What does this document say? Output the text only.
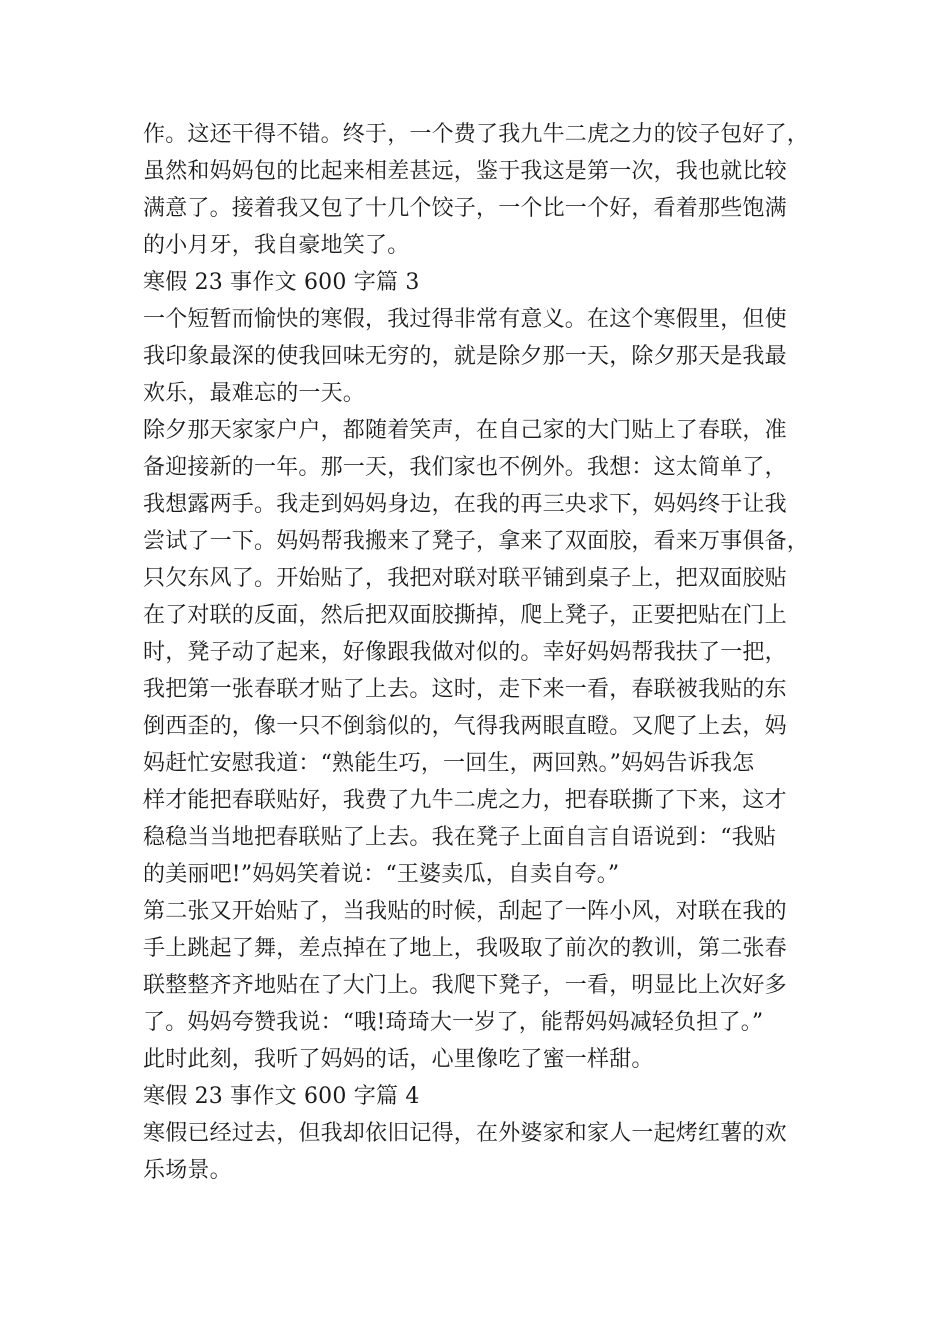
作。这还干得不错。终于，一个费了我九牛二虎之力的饺子包好了，
虽然和妈妈包的比起来相差甚远，鉴于我这是第一次，我也就比较
满意了。接着我又包了十几个饺子，一个比一个好，看着那些饱满
的小月牙，我自豪地笑了。
寒假 23 事作文 600 字篇 3
一个短暂而愉快的寒假，我过得非常有意义。在这个寒假里，但使
我印象最深的使我回味无穷的，就是除夕那一天，除夕那天是我最
欢乐，最难忘的一天。
除夕那天家家户户，都随着笑声，在自己家的大门贴上了春联，准
备迎接新的一年。那一天，我们家也不例外。我想：这太简单了，
我想露两手。我走到妈妈身边，在我的再三央求下，妈妈终于让我
尝试了一下。妈妈帮我搬来了凳子，拿来了双面胶，看来万事俱备，
只欠东风了。开始贴了，我把对联对联平铺到桌子上，把双面胶贴
在了对联的反面，然后把双面胶撕掉，爬上凳子，正要把贴在门上
时，凳子动了起来，好像跟我做对似的。幸好妈妈帮我扶了一把，
我把第一张春联才贴了上去。这时，走下来一看，春联被我贴的东
倒西歪的，像一只不倒翁似的，气得我两眼直瞪。又爬了上去，妈
妈赶忙安慰我道：“熟能生巧，一回生，两回熟。”妈妈告诉我怎
样才能把春联贴好，我费了九牛二虎之力，把春联撕了下来，这才
稳稳当当地把春联贴了上去。我在凳子上面自言自语说到：“我贴
的美丽吧!”妈妈笑着说：“王婆卖瓜，自卖自夸。”
第二张又开始贴了，当我贴的时候，刮起了一阵小风，对联在我的
手上跳起了舞，差点掉在了地上，我吸取了前次的教训，第二张春
联整整齐齐地贴在了大门上。我爬下凳子，一看，明显比上次好多
了。妈妈夸赞我说：“哦!琦琦大一岁了，能帮妈妈减轻负担了。”
此时此刻，我听了妈妈的话，心里像吃了蜜一样甜。
寒假 23 事作文 600 字篇 4
寒假已经过去，但我却依旧记得，在外婆家和家人一起烤红薯的欢
乐场景。
